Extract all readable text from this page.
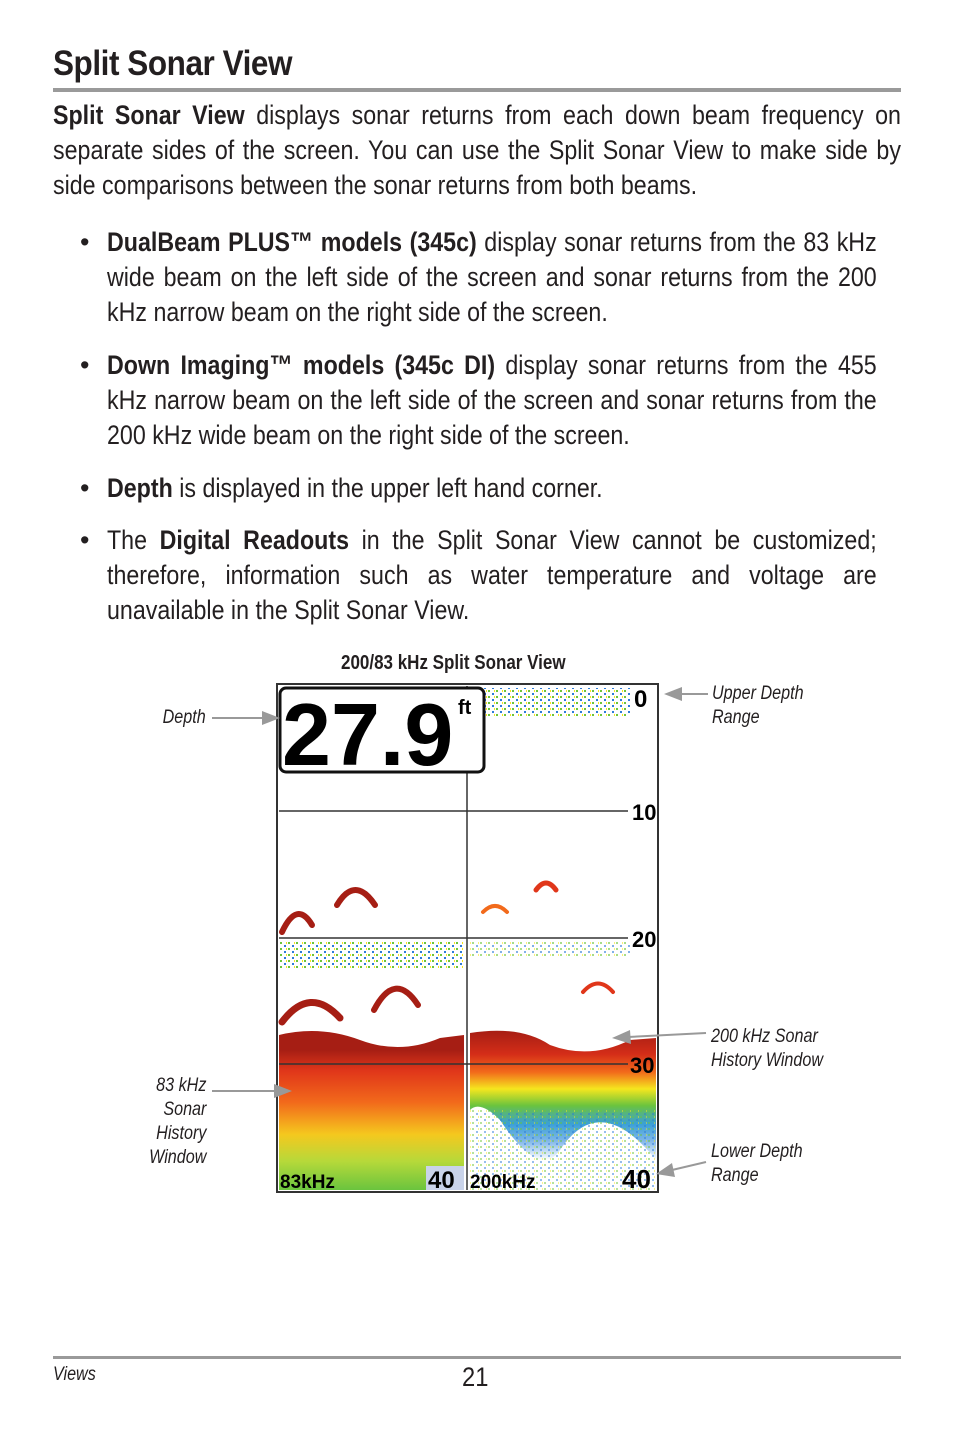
Split Sonar View
Split Sonar View displays sonar returns from each down beam frequency on separate sides of the screen. You can use the Split Sonar View to make side by side comparisons between the sonar returns from both beams.
• DualBeam PLUS™ models (345c) display sonar returns from the 83 kHz wide beam on the left side of the screen and sonar returns from the 200 kHz narrow beam on the right side of the screen.
• Down Imaging™ models (345c DI) display sonar returns from the 455 kHz narrow beam on the left side of the screen and sonar returns from the 200 kHz wide beam on the right side of the screen.
• Depth is displayed in the upper left hand corner.
• The Digital Readouts in the Split Sonar View cannot be customized; therefore, information such as water temperature and voltage are unavailable in the Split Sonar View.
200/83 kHz Split Sonar View
27.9 ft	0
10
20
30
40	40
83kHz	200kHz
Depth
Upper Depth
Range
200 kHz Sonar
History Window
Lower Depth
Range
83 kHz
Sonar
History
Window
Views	21
